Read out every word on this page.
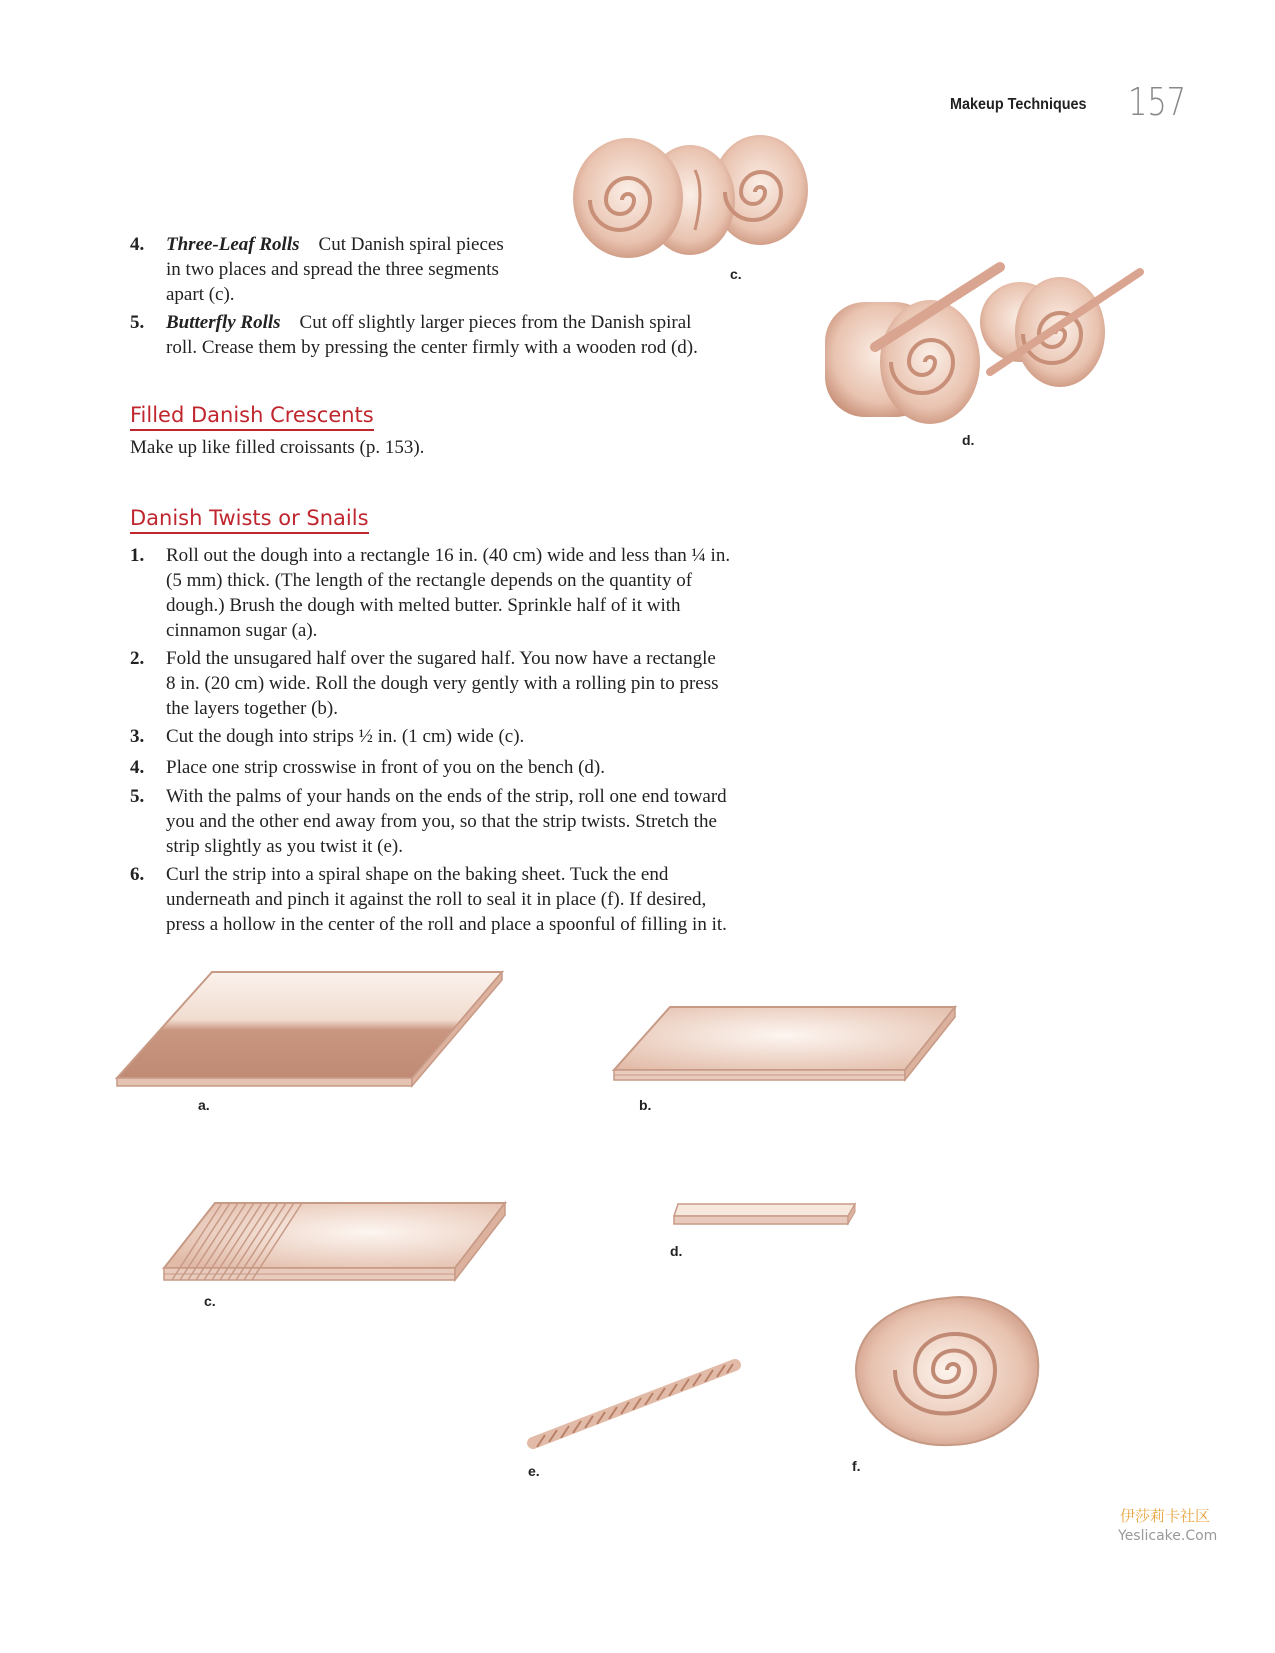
Makeup Techniques	157
c.
d.
4. Three-Leaf Rolls Cut Danish spiral pieces
in two places and spread the three segments
apart (c).
5. Butterfly Rolls Cut off slightly larger pieces from the Danish spiral
roll. Crease them by pressing the center firmly with a wooden rod (d).
Filled Danish Crescents
Make up like filled croissants (p. 153).
Danish Twists or Snails
1. Roll out the dough into a rectangle 16 in. (40 cm) wide and less than ¼ in.
(5 mm) thick. (The length of the rectangle depends on the quantity of
dough.) Brush the dough with melted butter. Sprinkle half of it with
cinnamon sugar (a).
2. Fold the unsugared half over the sugared half. You now have a rectangle
8 in. (20 cm) wide. Roll the dough very gently with a rolling pin to press
the layers together (b).
3. Cut the dough into strips ½ in. (1 cm) wide (c).
4. Place one strip crosswise in front of you on the bench (d).
5. With the palms of your hands on the ends of the strip, roll one end toward
you and the other end away from you, so that the strip twists. Stretch the
strip slightly as you twist it (e).
6. Curl the strip into a spiral shape on the baking sheet. Tuck the end
underneath and pinch it against the roll to seal it in place (f). If desired,
press a hollow in the center of the roll and place a spoonful of filling in it.
a.	b.
c.
d.
e.	f.
伊莎莉卡社区
Yeslicake.Com
